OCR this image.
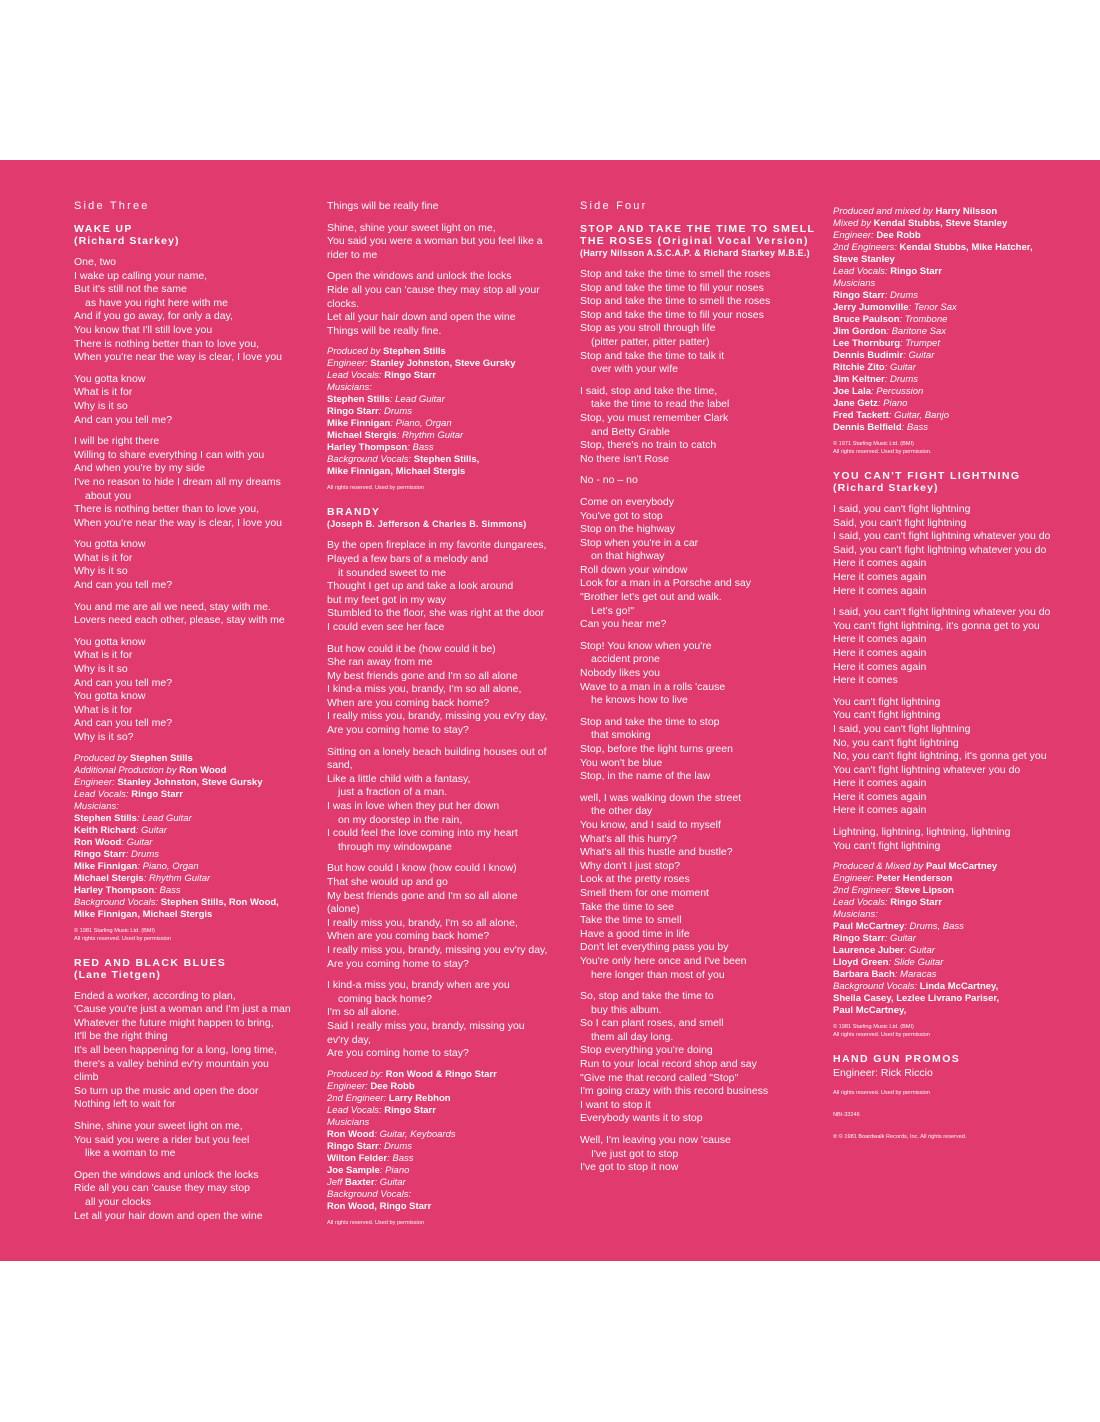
Side Three
WAKE UP
(Richard Starkey)
One, two
I wake up calling your name,
But it's still not the same
as have you right here with me
And if you go away, for only a day,
You know that I'll still love you
There is nothing better than to love you,
When you're near the way is clear, I love you
You gotta know
What is it for
Why is it so
And can you tell me?
I will be right there
Willing to share everything I can with you
And when you're by my side
I've no reason to hide I dream all my dreams
about you
There is nothing better than to love you,
When you're near the way is clear, I love you
You gotta know
What is it for
Why is it so
And can you tell me?
You and me are all we need, stay with me.
Lovers need each other, please, stay with me
You gotta know
What is it for
Why is it so
And can you tell me?
You gotta know
What is it for
And can you tell me?
Why is it so?
Produced by Stephen Stills
Additional Production by Ron Wood
Engineer: Stanley Johnston, Steve Gursky
Lead Vocals: Ringo Starr
Musicians:
Stephen Stills: Lead Guitar
Keith Richard: Guitar
Ron Wood: Guitar
Ringo Starr: Drums
Mike Finnigan: Piano, Organ
Michael Stergis: Rhythm Guitar
Harley Thompson: Bass
Background Vocals: Stephen Stills, Ron Wood,
Mike Finnigan, Michael Stergis
© 1981 Starling Music Ltd. (BMI)
All rights reserved. Used by permission
RED AND BLACK BLUES
(Lane Tietgen)
Ended a worker, according to plan,
'Cause you're just a woman and I'm just a man
Whatever the future might happen to bring,
It'll be the right thing
It's all been happening for a long, long time,
there's a valley behind ev'ry mountain you
climb
So turn up the music and open the door
Nothing left to wait for
Shine, shine your sweet light on me,
You said you were a rider but you feel
like a woman to me
Open the windows and unlock the locks
Ride all you can 'cause they may stop
all your clocks
Let all your hair down and open the wine
Things will be really fine
Shine, shine your sweet light on me,
You said you were a woman but you feel like a
rider to me
Open the windows and unlock the locks
Ride all you can 'cause they may stop all your
clocks.
Let all your hair down and open the wine
Things will be really fine.
Produced by Stephen Stills
Engineer: Stanley Johnston, Steve Gursky
Lead Vocals: Ringo Starr
Musicians:
Stephen Stills: Lead Guitar
Ringo Starr: Drums
Mike Finnigan: Piano, Organ
Michael Stergis: Rhythm Guitar
Harley Thompson: Bass
Background Vocals: Stephen Stills,
Mike Finnigan, Michael Stergis
All rights reserved. Used by permission
BRANDY
(Joseph B. Jefferson & Charles B. Simmons)
By the open fireplace in my favorite dungarees,
Played a few bars of a melody and
it sounded sweet to me
Thought I get up and take a look around
but my feet got in my way
Stumbled to the floor, she was right at the door
I could even see her face
But how could it be (how could it be)
She ran away from me
My best friends gone and I'm so all alone
I kind-a miss you, brandy, I'm so all alone,
When are you coming back home?
I really miss you, brandy, missing you ev'ry day,
Are you coming home to stay?
Sitting on a lonely beach building houses out of
sand,
Like a little child with a fantasy,
just a fraction of a man.
I was in love when they put her down
on my doorstep in the rain,
I could feel the love coming into my heart
through my windowpane
But how could I know (how could I know)
That she would up and go
My best friends gone and I'm so all alone
(alone)
I really miss you, brandy, I'm so all alone,
When are you coming back home?
I really miss you, brandy, missing you ev'ry day,
Are you coming home to stay?
I kind-a miss you, brandy when are you
coming back home?
I'm so all alone.
Said I really miss you, brandy, missing you
ev'ry day,
Are you coming home to stay?
Produced by: Ron Wood & Ringo Starr
Engineer: Dee Robb
2nd Engineer: Larry Rebhon
Lead Vocals: Ringo Starr
Musicians
Ron Wood: Guitar, Keyboards
Ringo Starr: Drums
Wilton Felder: Bass
Joe Sample: Piano
Jeff Baxter: Guitar
Background Vocals:
Ron Wood, Ringo Starr
All rights reserved. Used by permission
Side Four
STOP AND TAKE THE TIME TO SMELL THE ROSES (Original Vocal Version)
(Harry Nilsson A.S.C.A.P. & Richard Starkey M.B.E.)
Stop and take the time to smell the roses
Stop and take the time to fill your noses
Stop and take the time to smell the roses
Stop and take the time to fill your noses
Stop as you stroll through life
(pitter patter, pitter patter)
Stop and take the time to talk it
over with your wife
I said, stop and take the time,
take the time to read the label
Stop, you must remember Clark
and Betty Grable
Stop, there's no train to catch
No there isn't Rose
No - no – no
Come on everybody
You've got to stop
Stop on the highway
Stop when you're in a car
on that highway
Roll down your window
Look for a man in a Porsche and say
"Brother let's get out and walk.
Let's go!"
Can you hear me?
Stop! You know when you're
accident prone
Nobody likes you
Wave to a man in a rolls 'cause
he knows how to live
Stop and take the time to stop
that smoking
Stop, before the light turns green
You won't be blue
Stop, in the name of the law
well, I was walking down the street
the other day
You know, and I said to myself
What's all this hurry?
What's all this hustle and bustle?
Why don't I just stop?
Look at the pretty roses
Smell them for one moment
Take the time to see
Take the time to smell
Have a good time in life
Don't let everything pass you by
You're only here once and I've been
here longer than most of you
So, stop and take the time to
buy this album.
So I can plant roses, and smell
them all day long.
Stop everything you're doing
Run to your local record shop and say
"Give me that record called "Stop"
I'm going crazy with this record business
I want to stop it
Everybody wants it to stop
Well, I'm leaving you now 'cause
I've just got to stop
I've got to stop it now
Produced and mixed by Harry Nilsson
Mixed by Kendal Stubbs, Steve Stanley
Engineer: Dee Robb
2nd Engineers: Kendal Stubbs, Mike Hatcher,
Steve Stanley
Lead Vocals: Ringo Starr
Musicians
Ringo Starr: Drums
Jerry Jumonville: Tenor Sax
Bruce Paulson: Trombone
Jim Gordon: Baritone Sax
Lee Thornburg: Trumpet
Dennis Budimir: Guitar
Ritchie Zito: Guitar
Jim Keltner: Drums
Joe Lala: Percussion
Jane Getz: Piano
Fred Tackett: Guitar, Banjo
Dennis Belfield: Bass
© 1971 Starling Music Ltd. (BMI)
All rights reserved. Used by permission.
YOU CAN'T FIGHT LIGHTNING
(Richard Starkey)
I said, you can't fight lightning
Said, you can't fight lightning
I said, you can't fight lightning whatever you do
Said, you can't fight lightning whatever you do
Here it comes again
Here it comes again
Here it comes again
I said, you can't fight lightning whatever you do
You can't fight lightning, it's gonna get to you
Here it comes again
Here it comes again
Here it comes again
Here it comes
You can't fight lightning
You can't fight lightning
I said, you can't fight lightning
No, you can't fight lightning
No, you can't fight lightning, it's gonna get you
You can't fight lightning whatever you do
Here it comes again
Here it comes again
Here it comes again
Lightning, lightning, lightning, lightning
You can't fight lightning
Produced & Mixed by Paul McCartney
Engineer: Peter Henderson
2nd Engineer: Steve Lipson
Lead Vocals: Ringo Starr
Musicians:
Paul McCartney: Drums, Bass
Ringo Starr: Guitar
Laurence Juber: Guitar
Lloyd Green: Slide Guitar
Barbara Bach: Maracas
Background Vocals: Linda McCartney,
Sheila Casey, Lezlee Livrano Pariser,
Paul McCartney,
© 1981 Starling Music Ltd. (BMI)
All rights reserved. Used by permission
HAND GUN PROMOS
Engineer: Rick Riccio
All rights reserved. Used by permission
NBI-33246
℗ © 1981 Boardwalk Records, Inc. All rights reserved.
